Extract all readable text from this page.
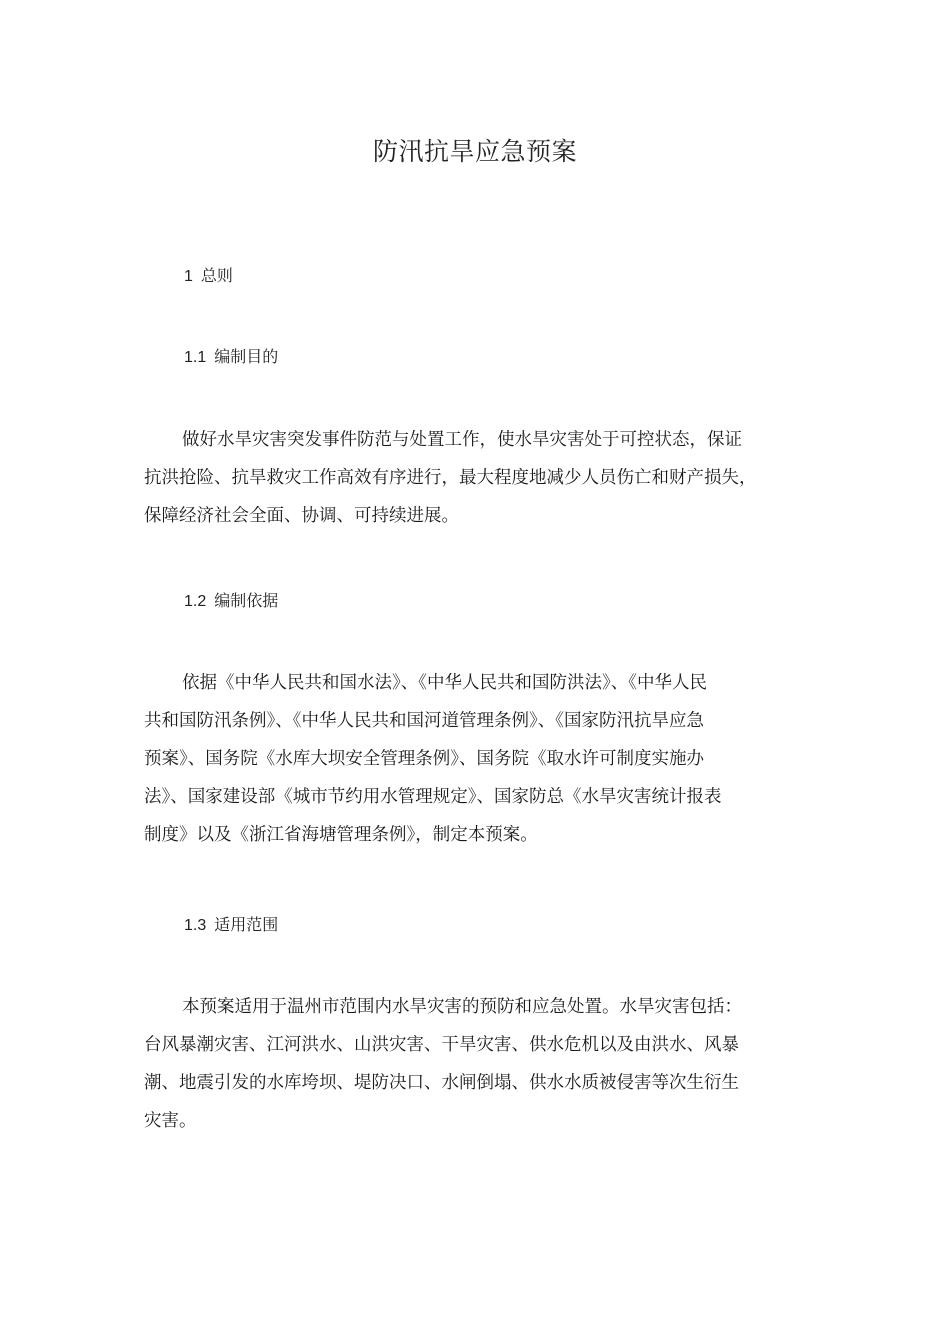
防汛抗旱应急预案
1 总则
1.1 编制目的
做好水旱灾害突发事件防范与处置工作，使水旱灾害处于可控状态，保证
抗洪抢险、抗旱救灾工作高效有序进行，最大程度地减少人员伤亡和财产损失，
保障经济社会全面、协调、可持续进展。
1.2 编制依据
依据《中华人民共和国水法》、《中华人民共和国防洪法》、《中华人民
共和国防汛条例》、《中华人民共和国河道管理条例》、《国家防汛抗旱应急
预案》、国务院《水库大坝安全管理条例》、国务院《取水许可制度实施办
法》、国家建设部《城市节约用水管理规定》、国家防总《水旱灾害统计报表
制度》以及《浙江省海塘管理条例》，制定本预案。
1.3 适用范围
本预案适用于温州市范围内水旱灾害的预防和应急处置。水旱灾害包括：
台风暴潮灾害、江河洪水、山洪灾害、干旱灾害、供水危机以及由洪水、风暴
潮、地震引发的水库垮坝、堤防决口、水闸倒塌、供水水质被侵害等次生衍生
灾害。
